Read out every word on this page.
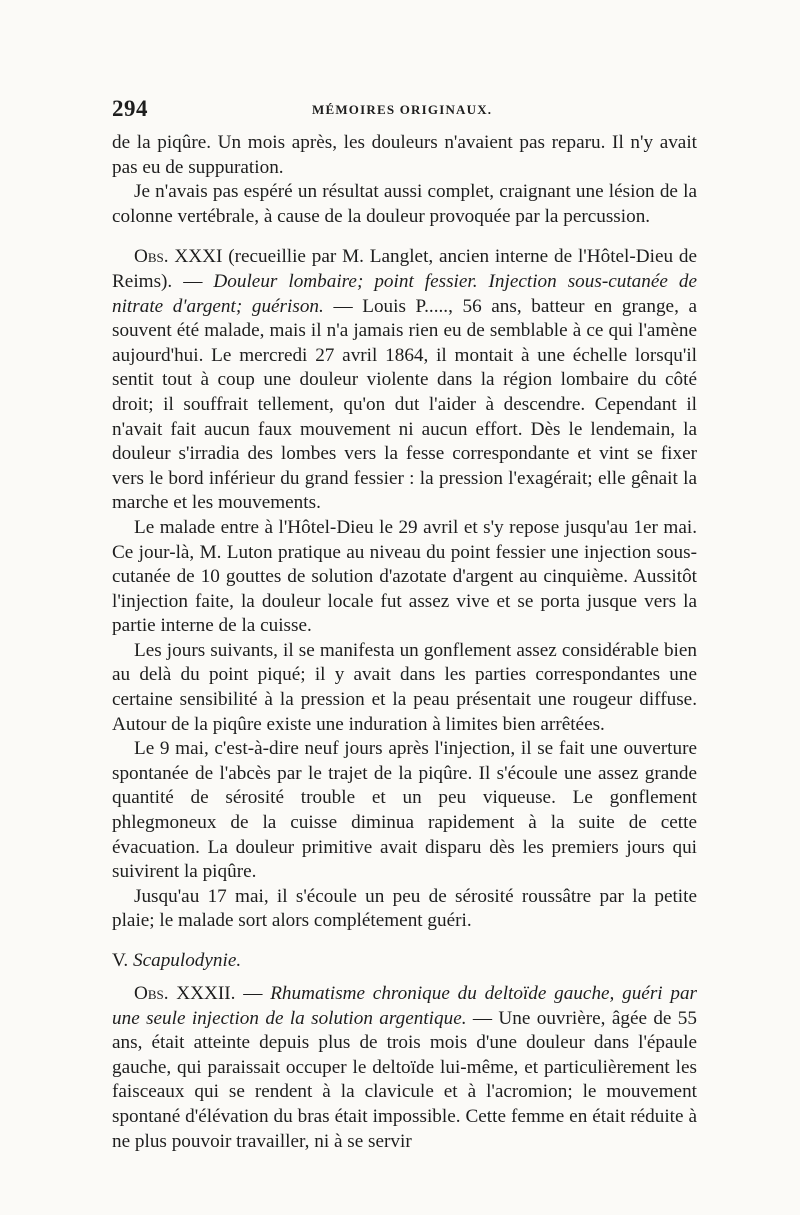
294	MÉMOIRES ORIGINAUX.

de la piqûre. Un mois après, les douleurs n'avaient pas reparu. Il n'y avait pas eu de suppuration.

Je n'avais pas espéré un résultat aussi complet, craignant une lésion de la colonne vertébrale, à cause de la douleur provoquée par la percussion.

Obs. XXXI (recueillie par M. Langlet, ancien interne de l'Hôtel-Dieu de Reims). — Douleur lombaire; point fessier. Injection sous-cutanée de nitrate d'argent; guérison. — Louis P....., 56 ans, batteur en grange, a souvent été malade, mais il n'a jamais rien eu de semblable à ce qui l'amène aujourd'hui. Le mercredi 27 avril 1864, il montait à une échelle lorsqu'il sentit tout à coup une douleur violente dans la région lombaire du côté droit; il souffrait tellement, qu'on dut l'aider à descendre. Cependant il n'avait fait aucun faux mouvement ni aucun effort. Dès le lendemain, la douleur s'irradia des lombes vers la fesse correspondante et vint se fixer vers le bord inférieur du grand fessier : la pression l'exagérait; elle gênait la marche et les mouvements.

Le malade entre à l'Hôtel-Dieu le 29 avril et s'y repose jusqu'au 1er mai. Ce jour-là, M. Luton pratique au niveau du point fessier une injection sous-cutanée de 10 gouttes de solution d'azotate d'argent au cinquième. Aussitôt l'injection faite, la douleur locale fut assez vive et se porta jusque vers la partie interne de la cuisse.

Les jours suivants, il se manifesta un gonflement assez considérable bien au delà du point piqué; il y avait dans les parties correspondantes une certaine sensibilité à la pression et la peau présentait une rougeur diffuse. Autour de la piqûre existe une induration à limites bien arrêtées.

Le 9 mai, c'est-à-dire neuf jours après l'injection, il se fait une ouverture spontanée de l'abcès par le trajet de la piqûre. Il s'écoule une assez grande quantité de sérosité trouble et un peu viqueuse. Le gonflement phlegmoneux de la cuisse diminua rapidement à la suite de cette évacuation. La douleur primitive avait disparu dès les premiers jours qui suivirent la piqûre.

Jusqu'au 17 mai, il s'écoule un peu de sérosité roussâtre par la petite plaie; le malade sort alors complétement guéri.

V. Scapulodynie.

Obs. XXXII. — Rhumatisme chronique du deltoïde gauche, guéri par une seule injection de la solution argentique. — Une ouvrière, âgée de 55 ans, était atteinte depuis plus de trois mois d'une douleur dans l'épaule gauche, qui paraissait occuper le deltoïde lui-même, et particulièrement les faisceaux qui se rendent à la clavicule et à l'acromion; le mouvement spontané d'élévation du bras était impossible. Cette femme en était réduite à ne plus pouvoir travailler, ni à se servir
